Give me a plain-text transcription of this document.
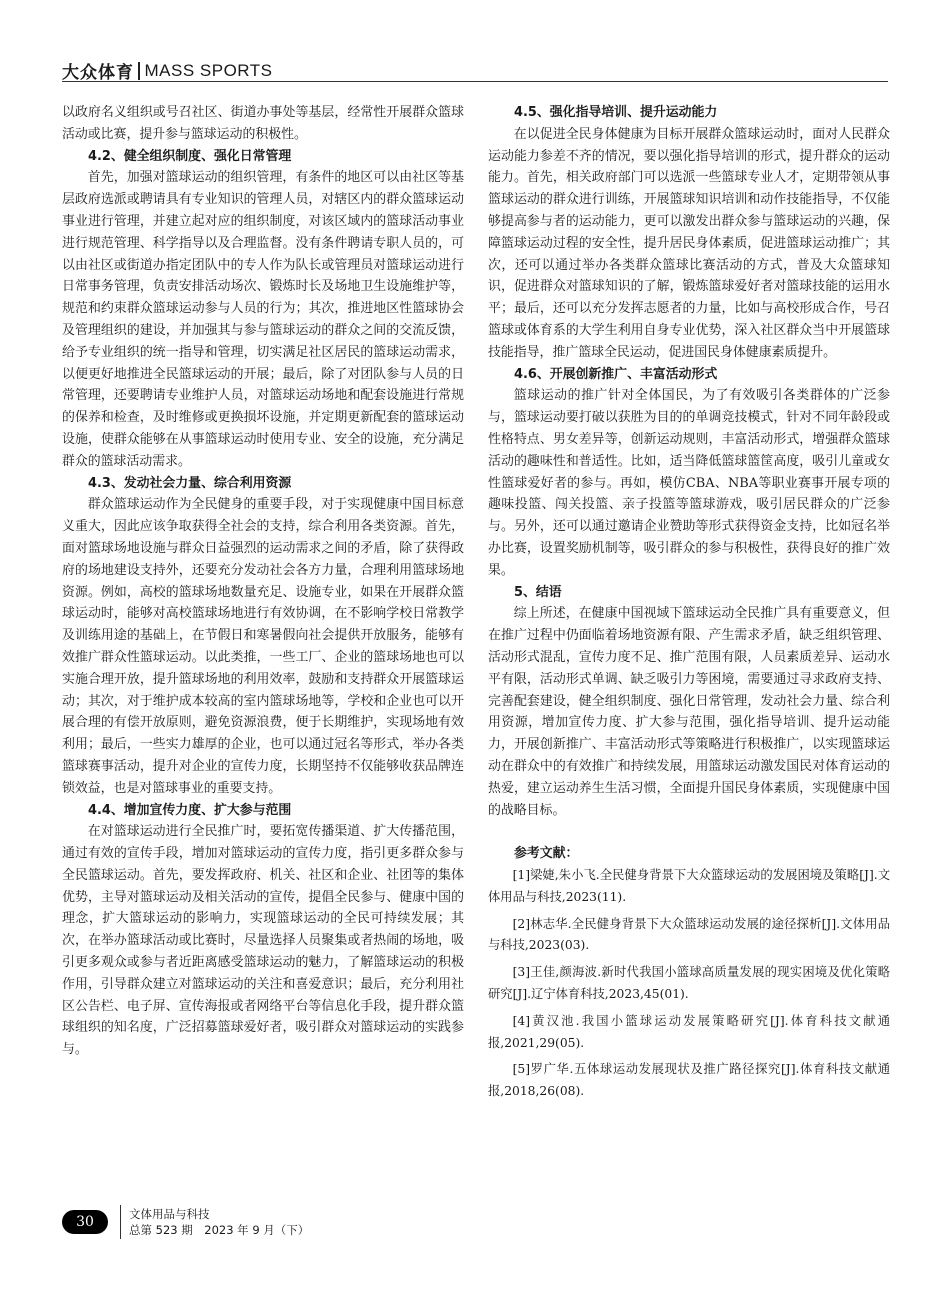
大众体育 MASS SPORTS

以政府名义组织或号召社区、街道办事处等基层，经常性开展群众篮球活动或比赛，提升参与篮球运动的积极性。

4.2、健全组织制度、强化日常管理

首先，加强对篮球运动的组织管理，有条件的地区可以由社区等基层政府选派或聘请具有专业知识的管理人员，对辖区内的群众篮球运动事业进行管理，并建立起对应的组织制度，对该区域内的篮球活动事业进行规范管理、科学指导以及合理监督。没有条件聘请专职人员的，可以由社区或街道办指定团队中的专人作为队长或管理员对篮球运动进行日常事务管理，负责安排活动场次、锻炼时长及场地卫生设施维护等，规范和约束群众篮球运动参与人员的行为；其次，推进地区性篮球协会及管理组织的建设，并加强其与参与篮球运动的群众之间的交流反馈，给予专业组织的统一指导和管理，切实满足社区居民的篮球运动需求，以便更好地推进全民篮球运动的开展；最后，除了对团队参与人员的日常管理，还要聘请专业维护人员，对篮球运动场地和配套设施进行常规的保养和检查，及时维修或更换损坏设施，并定期更新配套的篮球运动设施，使群众能够在从事篮球运动时使用专业、安全的设施，充分满足群众的篮球活动需求。

4.3、发动社会力量、综合利用资源

群众篮球运动作为全民健身的重要手段，对于实现健康中国目标意义重大，因此应该争取获得全社会的支持，综合利用各类资源。首先，面对篮球场地设施与群众日益强烈的运动需求之间的矛盾，除了获得政府的场地建设支持外，还要充分发动社会各方力量，合理利用篮球场地资源。例如，高校的篮球场地数量充足、设施专业，如果在开展群众篮球运动时，能够对高校篮球场地进行有效协调，在不影响学校日常教学及训练用途的基础上，在节假日和寒暑假向社会提供开放服务，能够有效推广群众性篮球运动。以此类推，一些工厂、企业的篮球场地也可以实施合理开放，提升篮球场地的利用效率，鼓励和支持群众开展篮球运动；其次，对于维护成本较高的室内篮球场地等，学校和企业也可以开展合理的有偿开放原则，避免资源浪费，便于长期维护，实现场地有效利用；最后，一些实力雄厚的企业，也可以通过冠名等形式，举办各类篮球赛事活动，提升对企业的宣传力度，长期坚持不仅能够收获品牌连锁效益，也是对篮球事业的重要支持。

4.4、增加宣传力度、扩大参与范围

在对篮球运动进行全民推广时，要拓宽传播渠道、扩大传播范围，通过有效的宣传手段，增加对篮球运动的宣传力度，指引更多群众参与全民篮球运动。首先，要发挥政府、机关、社区和企业、社团等的集体优势，主导对篮球运动及相关活动的宣传，提倡全民参与、健康中国的理念，扩大篮球运动的影响力，实现篮球运动的全民可持续发展；其次，在举办篮球活动或比赛时，尽量选择人员聚集或者热闹的场地，吸引更多观众或参与者近距离感受篮球运动的魅力，了解篮球运动的积极作用，引导群众建立对篮球运动的关注和喜爱意识；最后，充分利用社区公告栏、电子屏、宣传海报或者网络平台等信息化手段，提升群众篮球组织的知名度，广泛招募篮球爱好者，吸引群众对篮球运动的实践参与。

4.5、强化指导培训、提升运动能力

在以促进全民身体健康为目标开展群众篮球运动时，面对人民群众运动能力参差不齐的情况，要以强化指导培训的形式，提升群众的运动能力。首先，相关政府部门可以选派一些篮球专业人才，定期带领从事篮球运动的群众进行训练，开展篮球知识培训和动作技能指导，不仅能够提高参与者的运动能力，更可以激发出群众参与篮球运动的兴趣，保障篮球运动过程的安全性，提升居民身体素质，促进篮球运动推广；其次，还可以通过举办各类群众篮球比赛活动的方式，普及大众篮球知识，促进群众对篮球知识的了解，锻炼篮球爱好者对篮球技能的运用水平；最后，还可以充分发挥志愿者的力量，比如与高校形成合作，号召篮球或体育系的大学生利用自身专业优势，深入社区群众当中开展篮球技能指导，推广篮球全民运动，促进国民身体健康素质提升。

4.6、开展创新推广、丰富活动形式

篮球运动的推广针对全体国民，为了有效吸引各类群体的广泛参与，篮球运动要打破以获胜为目的的单调竞技模式，针对不同年龄段或性格特点、男女差异等，创新运动规则，丰富活动形式，增强群众篮球活动的趣味性和普适性。比如，适当降低篮球篮筐高度，吸引儿童或女性篮球爱好者的参与。再如，模仿CBA、NBA等职业赛事开展专项的趣味投篮、闯关投篮、亲子投篮等篮球游戏，吸引居民群众的广泛参与。另外，还可以通过邀请企业赞助等形式获得资金支持，比如冠名举办比赛，设置奖励机制等，吸引群众的参与积极性，获得良好的推广效果。

5、结语

综上所述，在健康中国视域下篮球运动全民推广具有重要意义，但在推广过程中仍面临着场地资源有限、产生需求矛盾，缺乏组织管理、活动形式混乱，宣传力度不足、推广范围有限，人员素质差异、运动水平有限，活动形式单调、缺乏吸引力等困境，需要通过寻求政府支持、完善配套建设，健全组织制度、强化日常管理，发动社会力量、综合利用资源，增加宣传力度、扩大参与范围，强化指导培训、提升运动能力，开展创新推广、丰富活动形式等策略进行积极推广，以实现篮球运动在群众中的有效推广和持续发展，用篮球运动激发国民对体育运动的热爱，建立运动养生生活习惯，全面提升国民身体素质，实现健康中国的战略目标。

参考文献：

[1]梁婕,朱小飞.全民健身背景下大众篮球运动的发展困境及策略[J].文体用品与科技,2023(11).

[2]林志华.全民健身背景下大众篮球运动发展的途径探析[J].文体用品与科技,2023(03).

[3]王佳,颜海波.新时代我国小篮球高质量发展的现实困境及优化策略研究[J].辽宁体育科技,2023,45(01).

[4]黄汉池.我国小篮球运动发展策略研究[J].体育科技文献通报,2021,29(05).

[5]罗广华.五体球运动发展现状及推广路径探究[J].体育科技文献通报,2018,26(08).

30	文体用品与科技
总第 523 期　2023 年 9 月（下）
